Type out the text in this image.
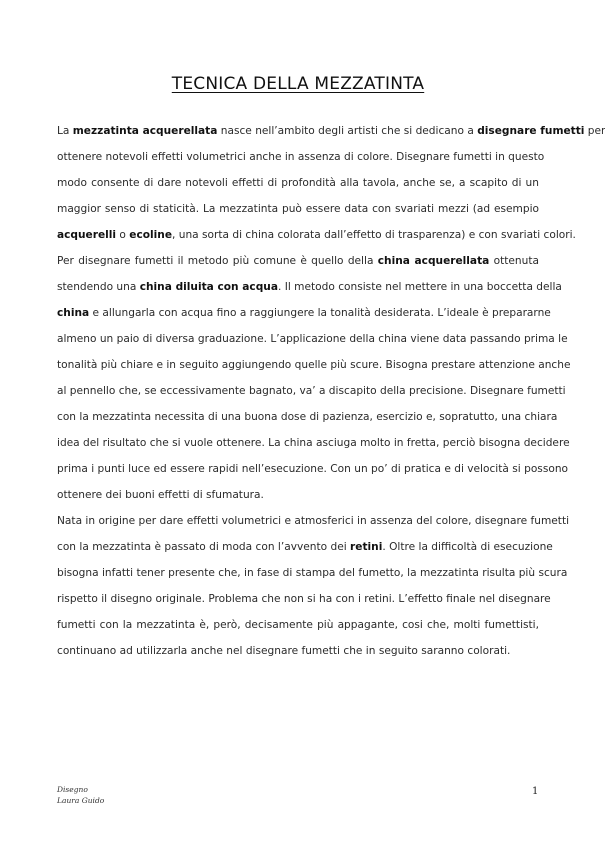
TECNICA DELLA MEZZATINTA
La mezzatinta acquerellata nasce nell’ambito degli artisti che si dedicano a disegnare fumetti per
ottenere notevoli effetti volumetrici anche in assenza di colore. Disegnare fumetti in questo
modo consente di dare notevoli effetti di profondità alla tavola, anche se, a scapito di un
maggior senso di staticità. La mezzatinta può essere data con svariati mezzi (ad esempio
acquerelli o ecoline, una sorta di china colorata dall’effetto di trasparenza) e con svariati colori.
Per disegnare fumetti il metodo più comune è quello della china acquerellata ottenuta
stendendo una china diluita con acqua. Il metodo consiste nel mettere in una boccetta della
china e allungarla con acqua fino a raggiungere la tonalità desiderata. L’ideale è prepararne
almeno un paio di diversa graduazione. L’applicazione della china viene data passando prima le
tonalità più chiare e in seguito aggiungendo quelle più scure. Bisogna prestare attenzione anche
al pennello che, se eccessivamente bagnato, va’ a discapito della precisione. Disegnare fumetti
con la mezzatinta necessita di una buona dose di pazienza, esercizio e, sopratutto, una chiara
idea del risultato che si vuole ottenere. La china asciuga molto in fretta, perciò bisogna decidere
prima i punti luce ed essere rapidi nell’esecuzione. Con un po’ di pratica e di velocità si possono
ottenere dei buoni effetti di sfumatura.
Nata in origine per dare effetti volumetrici e atmosferici in assenza del colore, disegnare fumetti
con la mezzatinta è passato di moda con l’avvento dei retini. Oltre la difficoltà di esecuzione
bisogna infatti tener presente che, in fase di stampa del fumetto, la mezzatinta risulta più scura
rispetto il disegno originale. Problema che non si ha con i retini. L’effetto finale nel disegnare
fumetti con la mezzatinta è, però, decisamente più appagante, cosi che, molti fumettisti,
continuano ad utilizzarla anche nel disegnare fumetti che in seguito saranno colorati.
Disegno
Laura Guido
1
